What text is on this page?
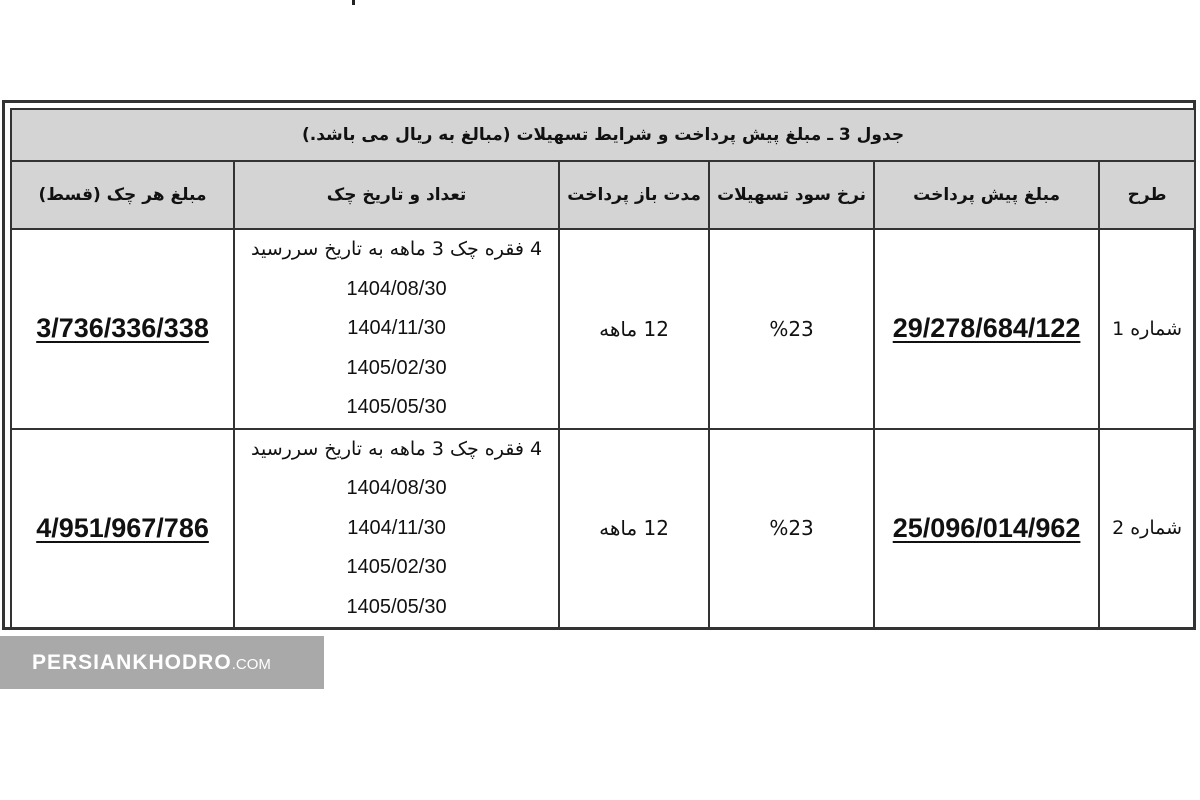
جدول 3 ـ مبلغ پیش پرداخت و شرایط تسهیلات (مبالغ به ریال می باشد.)					
طرح	مبلغ پیش پرداخت	نرخ سود تسهیلات	مدت باز پرداخت	تعداد و تاریخ چک	مبلغ هر چک (قسط)
شماره 1	29/278/684/122	%23	12 ماهه	4 فقره چک 3 ماهه به تاریخ سررسید
1404/08/30
1404/11/30
1405/02/30
1405/05/30	3/736/336/338
شماره 2	25/096/014/962	%23	12 ماهه	4 فقره چک 3 ماهه به تاریخ سررسید
1404/08/30
1404/11/30
1405/02/30
1405/05/30	4/951/967/786
PERSIANKHODRO .COM
